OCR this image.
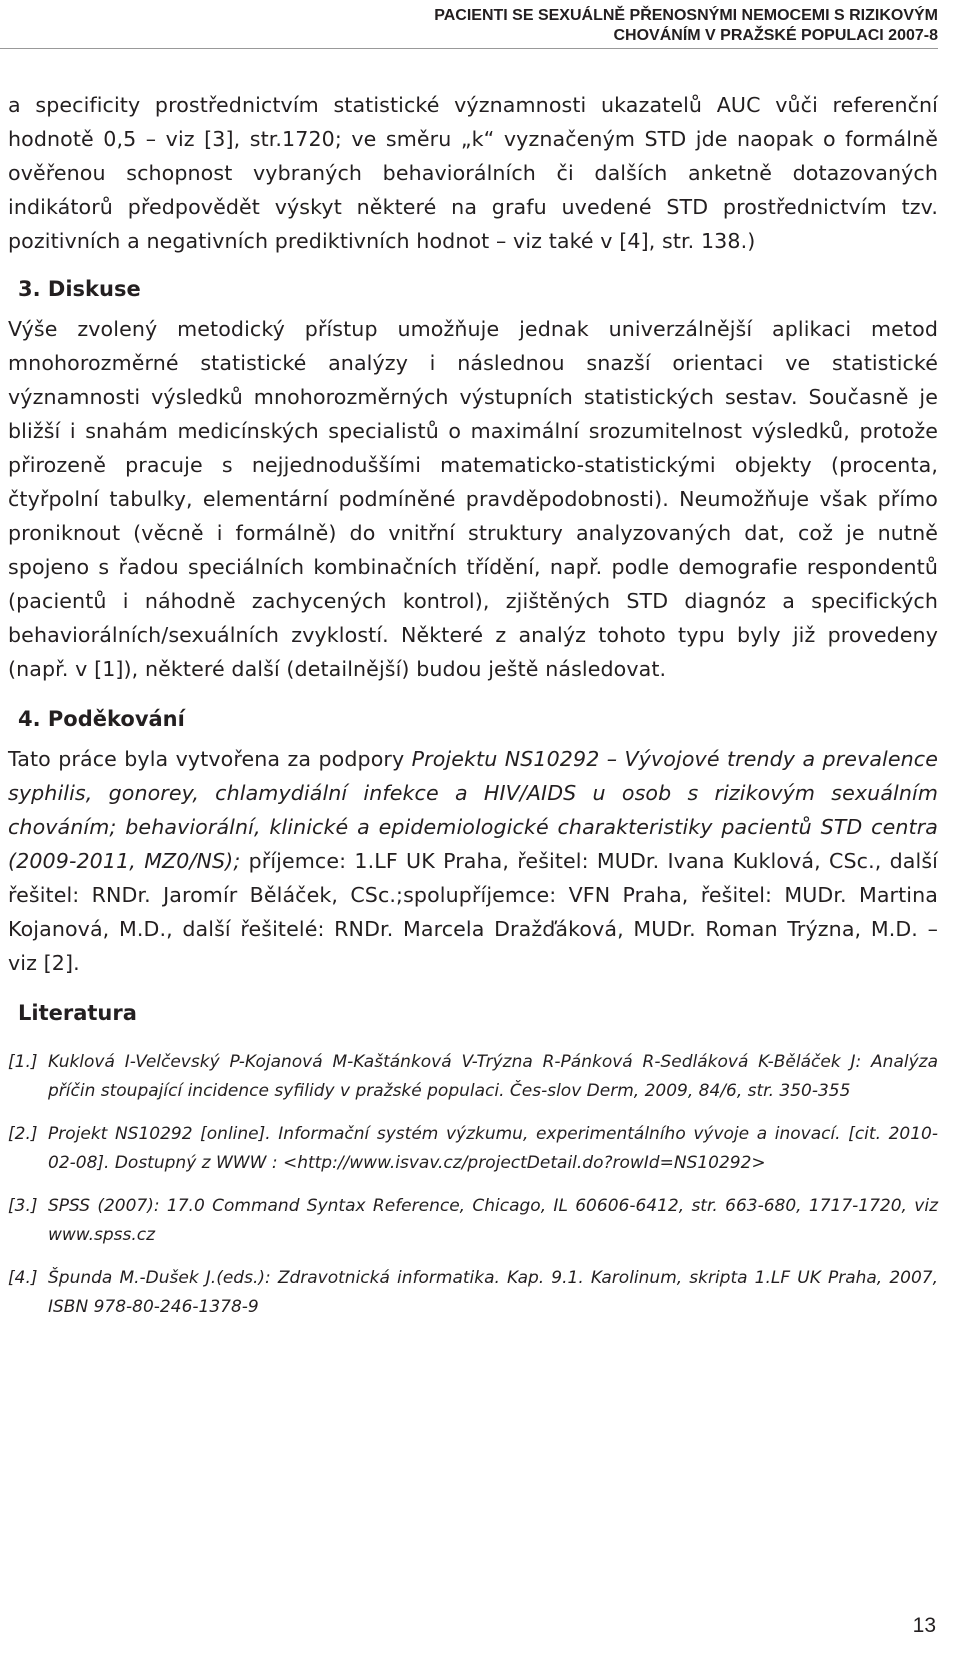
PACIENTI SE SEXUÁLNĚ PŘENOSNÝMI NEMOCEMI S RIZIKOVÝM
CHOVÁNÍM V PRAŽSKÉ POPULACI 2007-8

a specificity prostřednictvím statistické významnosti ukazatelů AUC vůči referenční hodnotě 0,5 – viz [3], str.1720; ve směru „k“ vyznačeným STD jde naopak o formálně ověřenou schopnost vybraných behaviorálních či dalších anketně dotazovaných indikátorů předpovědět výskyt některé na grafu uvedené STD prostřednictvím tzv. pozitivních a negativních prediktivních hodnot – viz také v [4], str. 138.)

3. Diskuse

Výše zvolený metodický přístup umožňuje jednak univerzálnější aplikaci metod mnohorozměrné statistické analýzy i následnou snazší orientaci ve statistické významnosti výsledků mnohorozměrných výstupních statistických sestav. Současně je bližší i snahám medicínských specialistů o maximální srozumitelnost výsledků, protože přirozeně pracuje s nejjednoduššími matematicko-statistickými objekty (procenta, čtyřpolní tabulky, elementární podmíněné pravděpodobnosti). Neumožňuje však přímo proniknout (věcně i formálně) do vnitřní struktury analyzovaných dat, což je nutně spojeno s řadou speciálních kombinačních třídění, např. podle demografie respondentů (pacientů i náhodně zachycených kontrol), zjištěných STD diagnóz a specifických behaviorálních/sexuálních zvyklostí. Některé z analýz tohoto typu byly již provedeny (např. v [1]), některé další (detailnější) budou ještě následovat.

4. Poděkování

Tato práce byla vytvořena za podpory Projektu NS10292 – Vývojové trendy a prevalence syphilis, gonorey, chlamydiální infekce a HIV/AIDS u osob s rizikovým sexuálním chováním; behaviorální, klinické a epidemiologické charakteristiky pacientů STD centra (2009-2011, MZ0/NS); příjemce: 1.LF UK Praha, řešitel: MUDr. Ivana Kuklová, CSc., další řešitel: RNDr. Jaromír Běláček, CSc.;spolupříjemce: VFN Praha, řešitel: MUDr. Martina Kojanová, M.D., další řešitelé: RNDr. Marcela Dražďáková, MUDr. Roman Trýzna, M.D. – viz [2].

Literatura
[1.] Kuklová I-Velčevský P-Kojanová M-Kaštánková V-Trýzna R-Pánková R-Sedláková K-Běláček J: Analýza příčin stoupající incidence syfilidy v pražské populaci. Čes-slov Derm, 2009, 84/6, str. 350-355
[2.] Projekt NS10292 [online]. Informační systém výzkumu, experimentálního vývoje a inovací. [cit. 2010-02-08]. Dostupný z WWW : <http://www.isvav.cz/projectDetail.do?rowId=NS10292>
[3.] SPSS (2007): 17.0 Command Syntax Reference, Chicago, IL 60606-6412, str. 663-680, 1717-1720, viz www.spss.cz
[4.] Špunda M.-Dušek J.(eds.): Zdravotnická informatika. Kap. 9.1. Karolinum, skripta 1.LF UK Praha, 2007, ISBN 978-80-246-1378-9
13
